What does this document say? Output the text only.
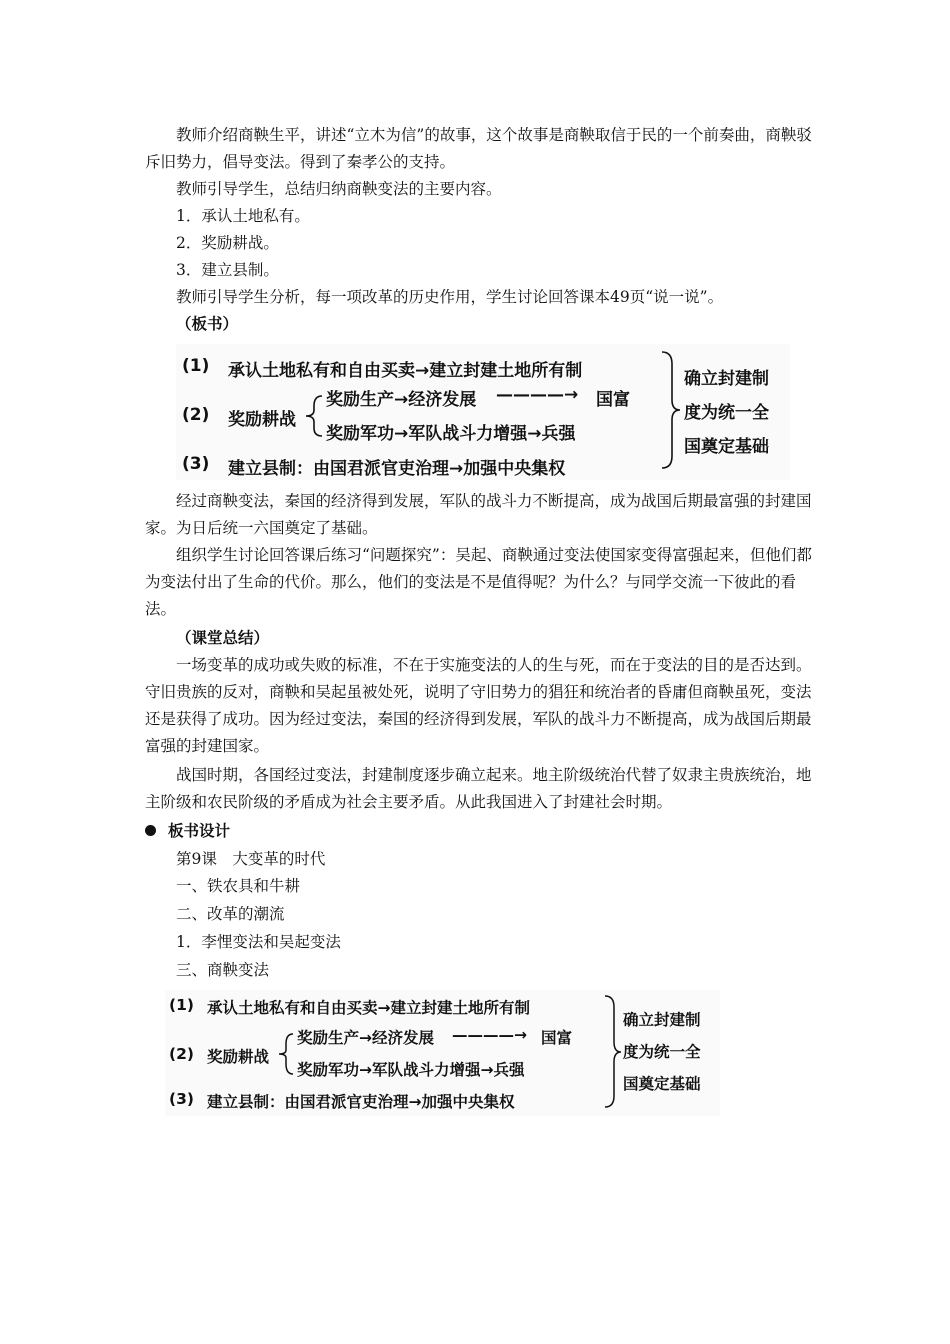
教师介绍商鞅生平，讲述“立木为信”的故事，这个故事是商鞅取信于民的一个前奏曲，商鞅驳斥旧势力，倡导变法。得到了秦孝公的支持。

教师引导学生，总结归纳商鞅变法的主要内容。

1．承认土地私有。
2．奖励耕战。
3．建立县制。

教师引导学生分析，每一项改革的历史作用，学生讨论回答课本49页“说一说”。

（板书）
(1) 承认土地私有和自由买卖→建立封建土地所有制
(2) 奖励耕战
奖励生产→经济发展 ————→ 国富
奖励军功→军队战斗力增强→兵强
(3) 建立县制：由国君派官吏治理→加强中央集权
确立封建制
度为统一全
国奠定基础

经过商鞅变法，秦国的经济得到发展，军队的战斗力不断提高，成为战国后期最富强的封建国家。为日后统一六国奠定了基础。

组织学生讨论回答课后练习“问题探究”：吴起、商鞅通过变法使国家变得富强起来，但他们都为变法付出了生命的代价。那么，他们的变法是不是值得呢？为什么？与同学交流一下彼此的看法。

（课堂总结）

一场变革的成功或失败的标准，不在于实施变法的人的生与死，而在于变法的目的是否达到。守旧贵族的反对，商鞅和吴起虽被处死，说明了守旧势力的猖狂和统治者的昏庸但商鞅虽死，变法还是获得了成功。因为经过变法，秦国的经济得到发展，军队的战斗力不断提高，成为战国后期最富强的封建国家。

战国时期，各国经过变法，封建制度逐步确立起来。地主阶级统治代替了奴隶主贵族统治，地主阶级和农民阶级的矛盾成为社会主要矛盾。从此我国进入了封建社会时期。

板书设计
第9课　大变革的时代
一、铁农具和牛耕
二、改革的潮流
1．李悝变法和吴起变法
三、商鞅变法
(1) 承认土地私有和自由买卖→建立封建土地所有制
(2) 奖励耕战
奖励生产→经济发展 ————→ 国富
奖励军功→军队战斗力增强→兵强
(3) 建立县制：由国君派官吏治理→加强中央集权
确立封建制
度为统一全
国奠定基础
